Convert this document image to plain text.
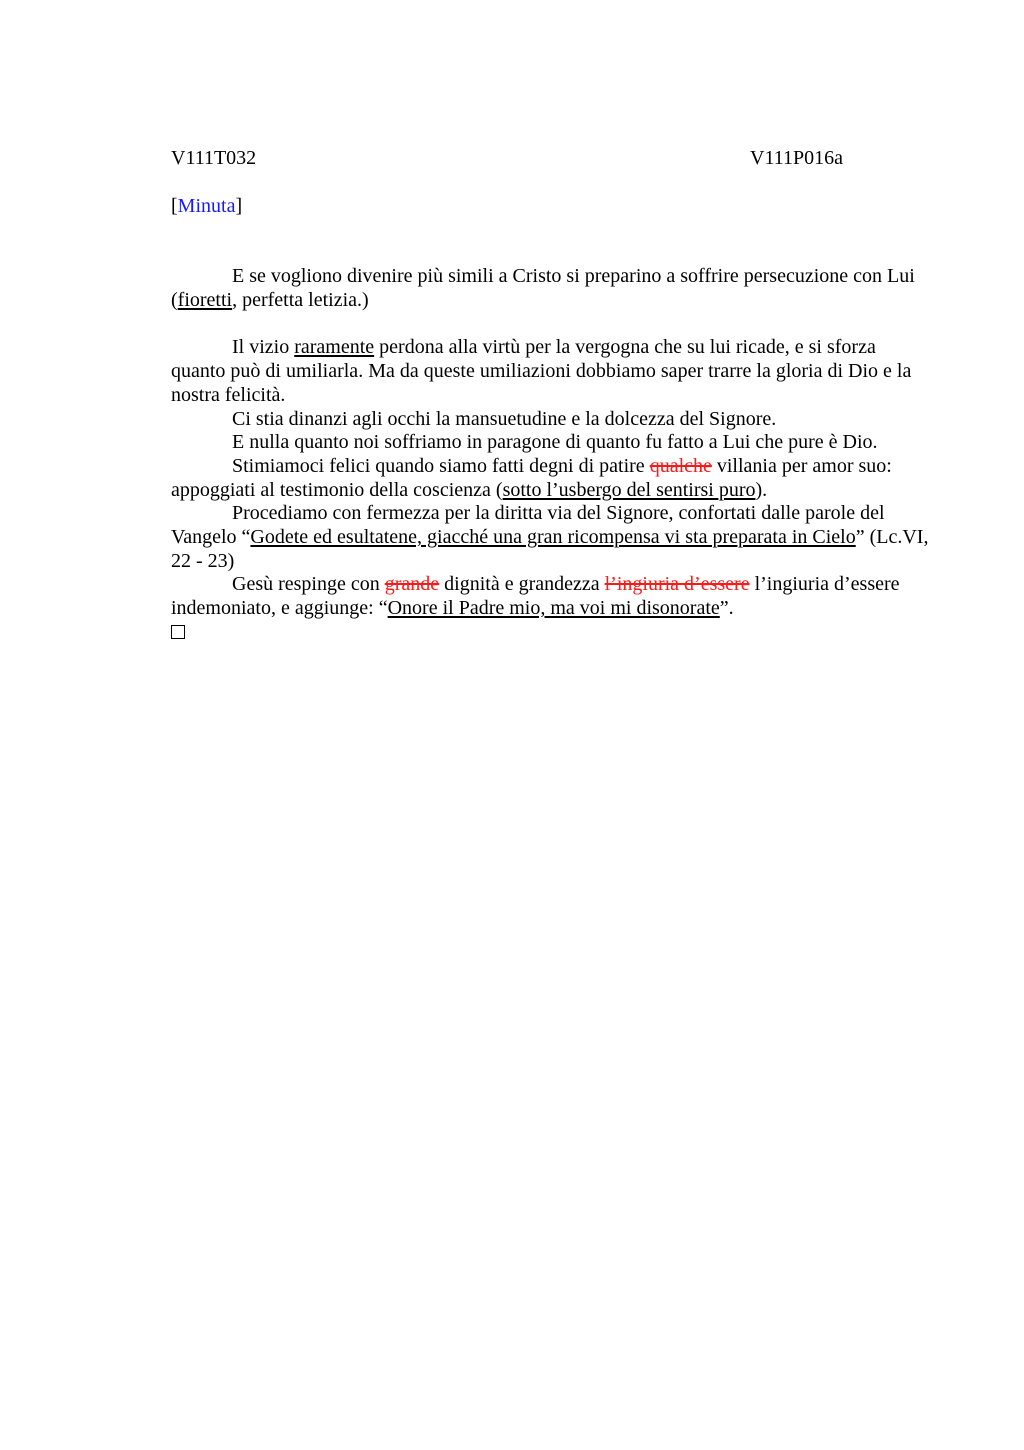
V111T032	V111P016a
[Minuta]

E se vogliono divenire più simili a Cristo si preparino a soffrire persecuzione con Lui (fioretti, perfetta letizia.)

Il vizio raramente perdona alla virtù per la vergogna che su lui ricade, e si sforza quanto può di umiliarla. Ma da queste umiliazioni dobbiamo saper trarre la gloria di Dio e la nostra felicità.

Ci stia dinanzi agli occhi la mansuetudine e la dolcezza del Signore.

E nulla quanto noi soffriamo in paragone di quanto fu fatto a Lui che pure è Dio.

Stimiamoci felici quando siamo fatti degni di patire qualche villania per amor suo: appoggiati al testimonio della coscienza (sotto l’usbergo del sentirsi puro).

Procediamo con fermezza per la diritta via del Signore, confortati dalle parole del Vangelo “Godete ed esultatene, giacché una gran ricompensa vi sta preparata in Cielo” (Lc.VI, 22 - 23)

Gesù respinge con grande dignità e grandezza l’ingiuria d’essere l’ingiuria d’essere indemoniato, e aggiunge: “Onore il Padre mio, ma voi mi disonorate”.
